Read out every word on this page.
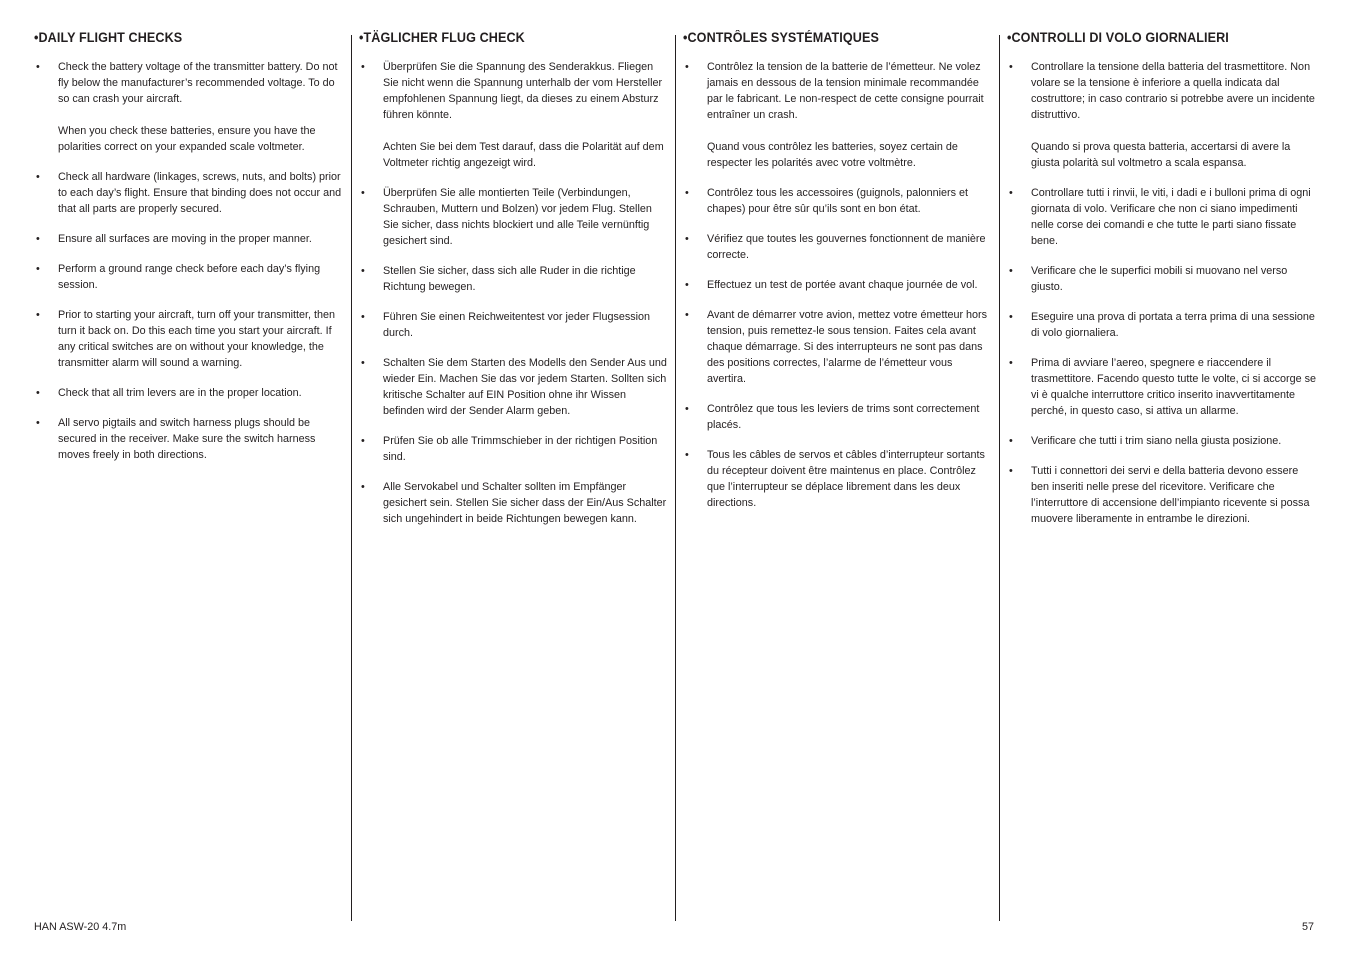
•DAILY FLIGHT CHECKS
• Check the battery voltage of the transmitter battery. Do not fly below the manufacturer’s recommended voltage. To do so can crash your aircraft.

When you check these batteries, ensure you have the polarities correct on your expanded scale voltmeter.

• Check all hardware (linkages, screws, nuts, and bolts) prior to each day’s flight. Ensure that binding does not occur and that all parts are properly secured.

• Ensure all surfaces are moving in the proper manner.

• Perform a ground range check before each day’s flying session.

• Prior to starting your aircraft, turn off your transmitter, then turn it back on. Do this each time you start your aircraft. If any critical switches are on without your knowledge, the transmitter alarm will sound a warning.

• Check that all trim levers are in the proper location.

• All servo pigtails and switch harness plugs should be secured in the receiver. Make sure the switch harness moves freely in both directions.

•TÄGLICHER FLUG CHECK
• Überprüfen Sie die Spannung des Senderakkus. Fliegen Sie nicht wenn die Spannung unterhalb der vom Hersteller empfohlenen Spannung liegt, da dieses zu einem Absturz führen könnte.

Achten Sie bei dem Test darauf, dass die Polarität auf dem Voltmeter richtig angezeigt wird.

• Überprüfen Sie alle montierten Teile (Verbindungen, Schrauben, Muttern und Bolzen) vor jedem Flug. Stellen Sie sicher, dass nichts blockiert und alle Teile vernünftig gesichert sind.

• Stellen Sie sicher, dass sich alle Ruder in die richtige Richtung bewegen.

• Führen Sie einen Reichweitentest vor jeder Flugsession durch.

• Schalten Sie dem Starten des Modells den Sender Aus und wieder Ein. Machen Sie das vor jedem Starten. Sollten sich kritische Schalter auf EIN Position ohne ihr Wissen befinden wird der Sender Alarm geben.

• Prüfen Sie ob alle Trimmschieber in der richtigen Position sind.

• Alle Servokabel und Schalter sollten im Empfänger gesichert sein. Stellen Sie sicher dass der Ein/Aus Schalter sich ungehindert in beide Richtungen bewegen kann.

•CONTRÔLES SYSTÉMATIQUES
• Contrôlez la tension de la batterie de l’émetteur. Ne volez jamais en dessous de la tension minimale recommandée par le fabricant. Le non-respect de cette consigne pourrait entraîner un crash.

Quand vous contrôlez les batteries, soyez certain de respecter les polarités avec votre voltmètre.

• Contrôlez tous les accessoires (guignols, palonniers et chapes) pour être sûr qu’ils sont en bon état.

• Vérifiez que toutes les gouvernes fonctionnent de manière correcte.

• Effectuez un test de portée avant chaque journée de vol.

• Avant de démarrer votre avion, mettez votre émetteur hors tension, puis remettez-le sous tension. Faites cela avant chaque démarrage. Si des interrupteurs ne sont pas dans des positions correctes, l’alarme de l’émetteur vous avertira.

• Contrôlez que tous les leviers de trims sont correctement placés.

• Tous les câbles de servos et câbles d’interrupteur sortants du récepteur doivent être maintenus en place. Contrôlez que l’interrupteur se déplace librement dans les deux directions.

•CONTROLLI DI VOLO GIORNALIERI
• Controllare la tensione della batteria del trasmettitore. Non volare se la tensione è inferiore a quella indicata dal costruttore; in caso contrario si potrebbe avere un incidente distruttivo.

Quando si prova questa batteria, accertarsi di avere la giusta polarità sul voltmetro a scala espansa.

• Controllare tutti i rinvii, le viti, i dadi e i bulloni prima di ogni giornata di volo. Verificare che non ci siano impedimenti nelle corse dei comandi e che tutte le parti siano fissate bene.

• Verificare che le superfici mobili si muovano nel verso giusto.

• Eseguire una prova di portata a terra prima di una sessione di volo giornaliera.

• Prima di avviare l’aereo, spegnere e riaccendere il trasmettitore. Facendo questo tutte le volte, ci si accorge se vi è qualche interruttore critico inserito inavvertitamente perché, in questo caso, si attiva un allarme.

• Verificare che tutti i trim siano nella giusta posizione.

• Tutti i connettori dei servi e della batteria devono essere ben inseriti nelle prese del ricevitore. Verificare che l’interruttore di accensione dell’impianto ricevente si possa muovere liberamente in entrambe le direzioni.

HAN ASW-20 4.7m	57
